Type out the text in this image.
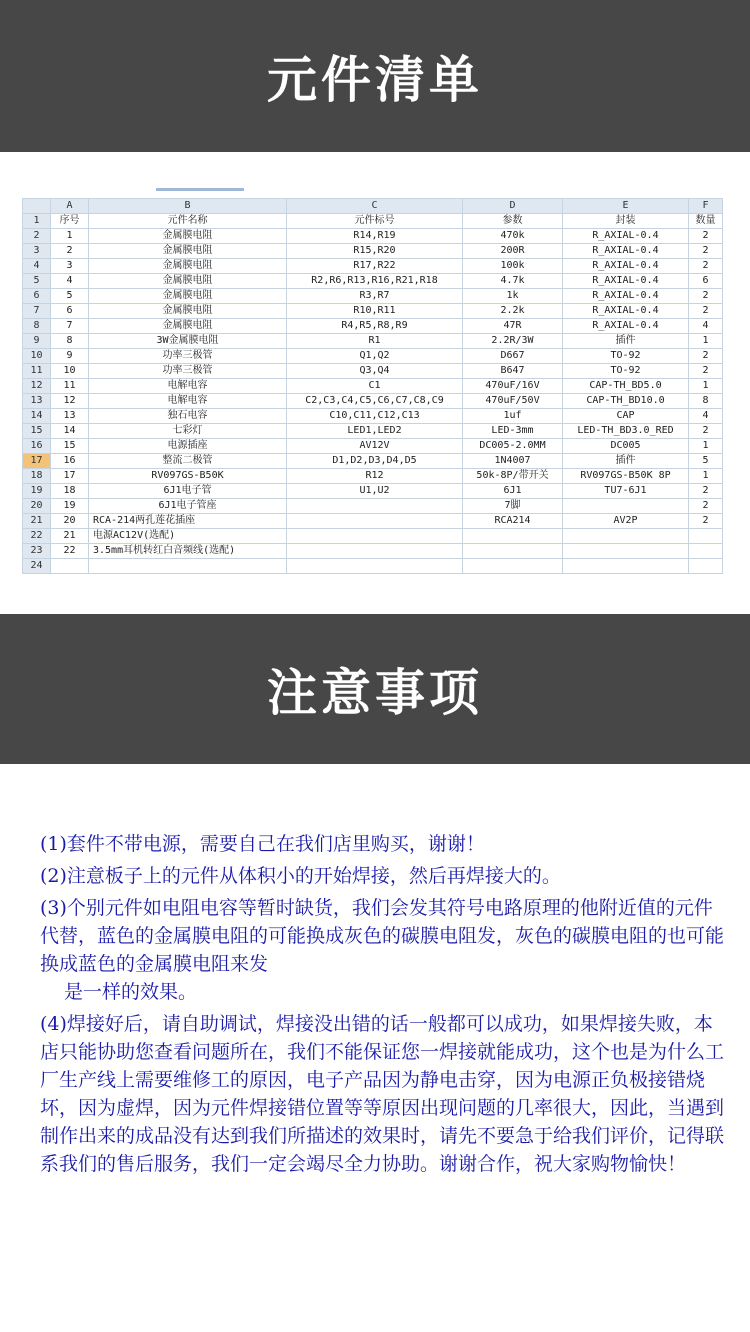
元件清单
	A	B	C	D	E	F
1	序号	元件名称	元件标号	参数	封装	数量
2	1	金属膜电阻	R14,R19	470k	R_AXIAL-0.4	2
3	2	金属膜电阻	R15,R20	200R	R_AXIAL-0.4	2
4	3	金属膜电阻	R17,R22	100k	R_AXIAL-0.4	2
5	4	金属膜电阻	R2,R6,R13,R16,R21,R18	4.7k	R_AXIAL-0.4	6
6	5	金属膜电阻	R3,R7	1k	R_AXIAL-0.4	2
7	6	金属膜电阻	R10,R11	2.2k	R_AXIAL-0.4	2
8	7	金属膜电阻	R4,R5,R8,R9	47R	R_AXIAL-0.4	4
9	8	3W金属膜电阻	R1	2.2R/3W	插件	1
10	9	功率三极管	Q1,Q2	D667	TO-92	2
11	10	功率三极管	Q3,Q4	B647	TO-92	2
12	11	电解电容	C1	470uF/16V	CAP-TH_BD5.0	1
13	12	电解电容	C2,C3,C4,C5,C6,C7,C8,C9	470uF/50V	CAP-TH_BD10.0	8
14	13	独石电容	C10,C11,C12,C13	1uf	CAP	4
15	14	七彩灯	LED1,LED2	LED-3mm	LED-TH_BD3.0_RED	2
16	15	电源插座	AV12V	DC005-2.0MM	DC005	1
17	16	整流二极管	D1,D2,D3,D4,D5	1N4007	插件	5
18	17	RV097GS-B50K	R12	50k-8P/带开关	RV097GS-B50K 8P	1
19	18	6J1电子管	U1,U2	6J1	TU7-6J1	2
20	19	6J1电子管座		7脚		2
21	20	RCA-214两孔莲花插座		RCA214	AV2P	2
22	21	电源AC12V(选配)				
23	22	3.5mm耳机转红白音频线(选配)				
24						
注意事项

(1)套件不带电源，需要自己在我们店里购买，谢谢！

(2)注意板子上的元件从体积小的开始焊接，然后再焊接大的。

(3)个别元件如电阻电容等暂时缺货，我们会发其符号电路原理的他附近值的元件代替，蓝色的金属膜电阻的可能换成灰色的碳膜电阻发，灰色的碳膜电阻的也可能换成蓝色的金属膜电阻来发
是一样的效果。

(4)焊接好后，请自助调试，焊接没出错的话一般都可以成功，如果焊接失败，本店只能协助您查看问题所在，我们不能保证您一焊接就能成功，这个也是为什么工厂生产线上需要维修工的原因，电子产品因为静电击穿，因为电源正负极接错烧坏，因为虚焊，因为元件焊接错位置等等原因出现问题的几率很大，因此，当遇到制作出来的成品没有达到我们所描述的效果时，请先不要急于给我们评价，记得联系我们的售后服务，我们一定会竭尽全力协助。谢谢合作，祝大家购物愉快！
